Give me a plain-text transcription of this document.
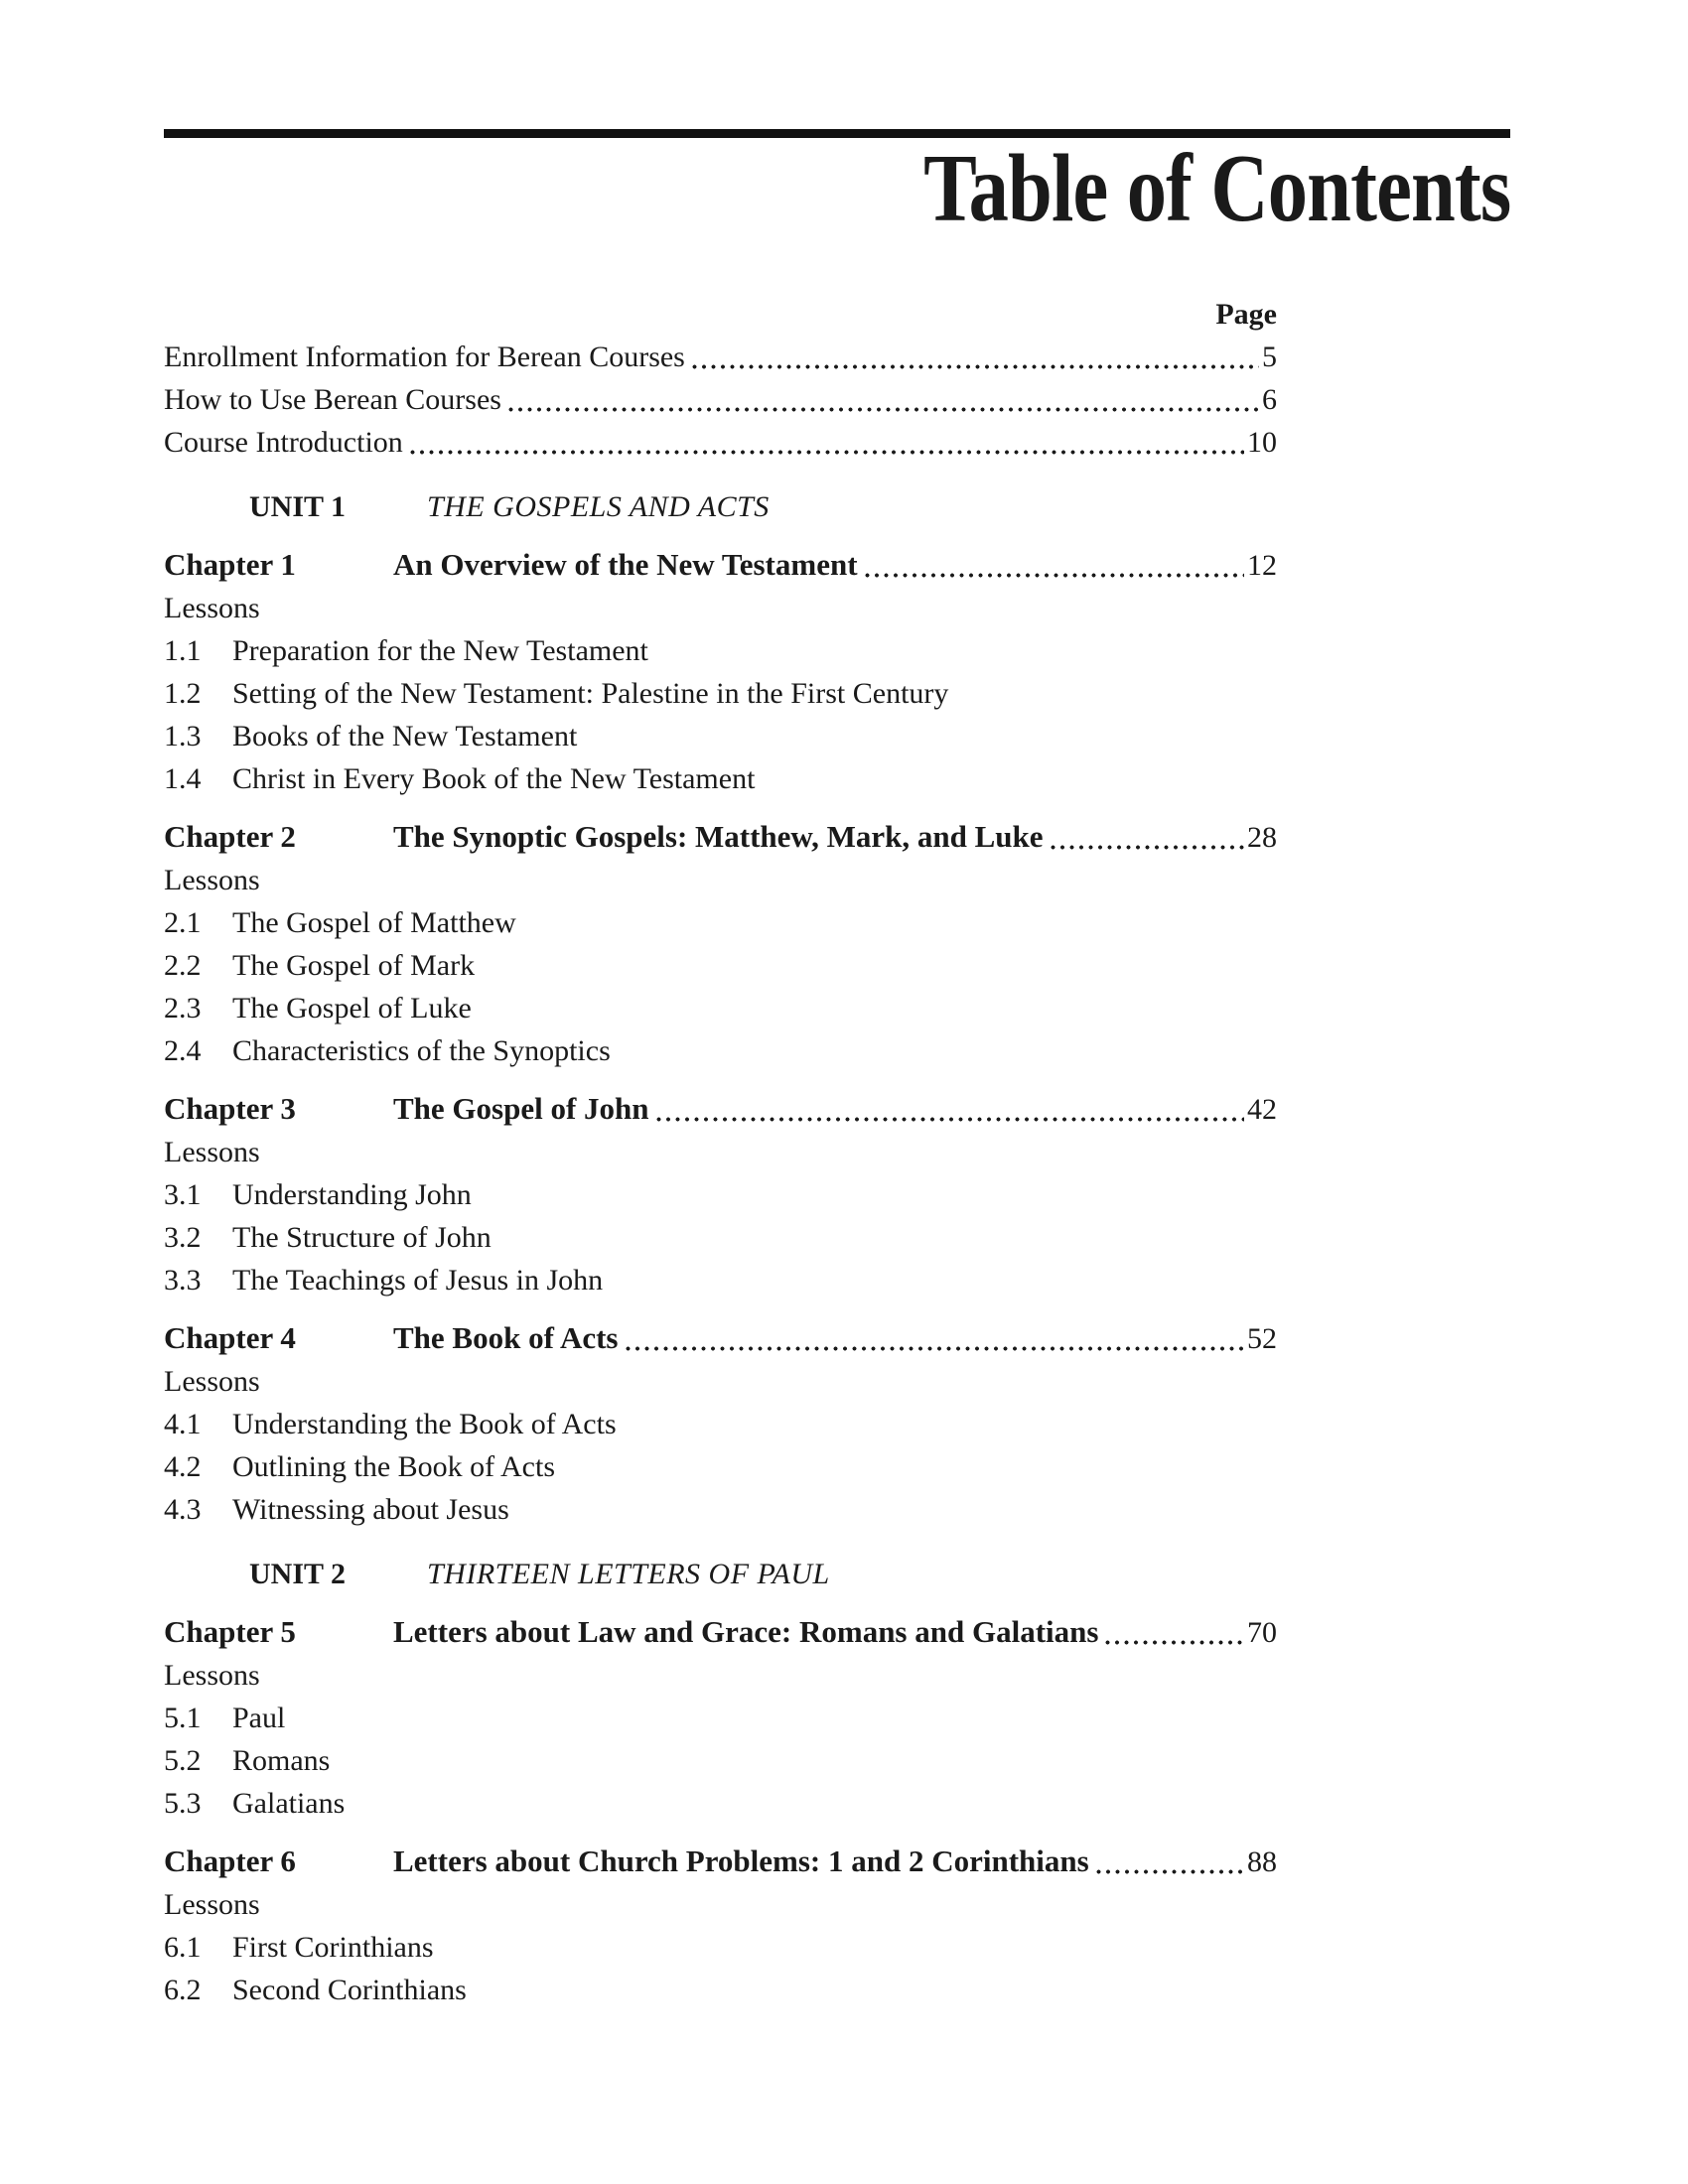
Table of Contents
Page
Enrollment Information for Berean Courses	5
How to Use Berean Courses	6
Course Introduction	10
UNIT 1	THE GOSPELS AND ACTS
Chapter 1	An Overview of the New Testament	12
Lessons
1.1	Preparation for the New Testament
1.2	Setting of the New Testament: Palestine in the First Century
1.3	Books of the New Testament
1.4	Christ in Every Book of the New Testament
Chapter 2	The Synoptic Gospels: Matthew, Mark, and Luke	28
Lessons
2.1	The Gospel of Matthew
2.2	The Gospel of Mark
2.3	The Gospel of Luke
2.4	Characteristics of the Synoptics
Chapter 3	The Gospel of John	42
Lessons
3.1	Understanding John
3.2	The Structure of John
3.3	The Teachings of Jesus in John
Chapter 4	The Book of Acts	52
Lessons
4.1	Understanding the Book of Acts
4.2	Outlining the Book of Acts
4.3	Witnessing about Jesus
UNIT 2	THIRTEEN LETTERS OF PAUL
Chapter 5	Letters about Law and Grace: Romans and Galatians	70
Lessons
5.1	Paul
5.2	Romans
5.3	Galatians
Chapter 6	Letters about Church Problems: 1 and 2 Corinthians	88
Lessons
6.1	First Corinthians
6.2	Second Corinthians
